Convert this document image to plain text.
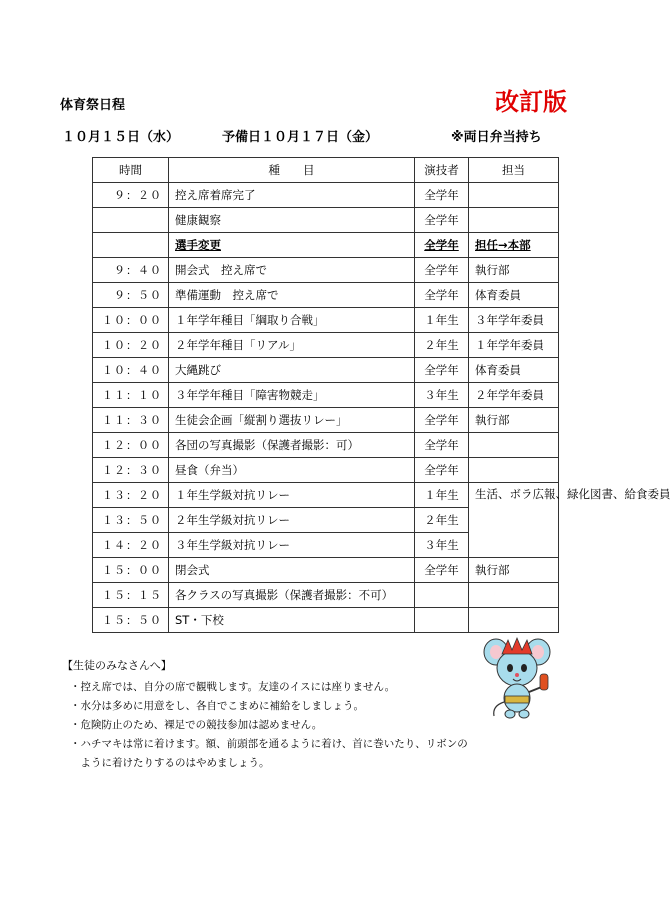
体育祭日程	改訂版
１０月１５日（水）	予備日１０月１７日（金）	※両日弁当持ち
時間	種　　目	演技者	担当
９：２０	控え席着席完了	全学年	
	健康観察	全学年	
	選手変更	全学年	担任→本部
９：４０	開会式　控え席で	全学年	執行部
９：５０	準備運動　控え席で	全学年	体育委員
１０：００	１年学年種目「綱取り合戦」	１年生	３年学年委員
１０：２０	２年学年種目「リアル」	２年生	１年学年委員
１０：４０	大縄跳び	全学年	体育委員
１１：１０	３年学年種目「障害物競走」	３年生	２年学年委員
１１：３０	生徒会企画「縦割り選抜リレー」	全学年	執行部
１２：００	各団の写真撮影（保護者撮影：可）	全学年	
１２：３０	昼食（弁当）	全学年	
１３：２０	１年生学級対抗リレー	１年生	生活、ボラ広報、緑化図書、給食委員
１３：５０	２年生学級対抗リレー	２年生	
１４：２０	３年生学級対抗リレー	３年生	
１５：００	閉会式	全学年	執行部
１５：１５	各クラスの写真撮影（保護者撮影：不可）		
１５：５０	ST・下校		
【生徒のみなさんへ】
・控え席では、自分の席で観戦します。友達のイスには座りません。
・水分は多めに用意をし、各自でこまめに補給をしましょう。
・危険防止のため、裸足での競技参加は認めません。
・ハチマキは常に着けます。額、前頭部を通るように着け、首に巻いたり、リボンの
　ように着けたりするのはやめましょう。
